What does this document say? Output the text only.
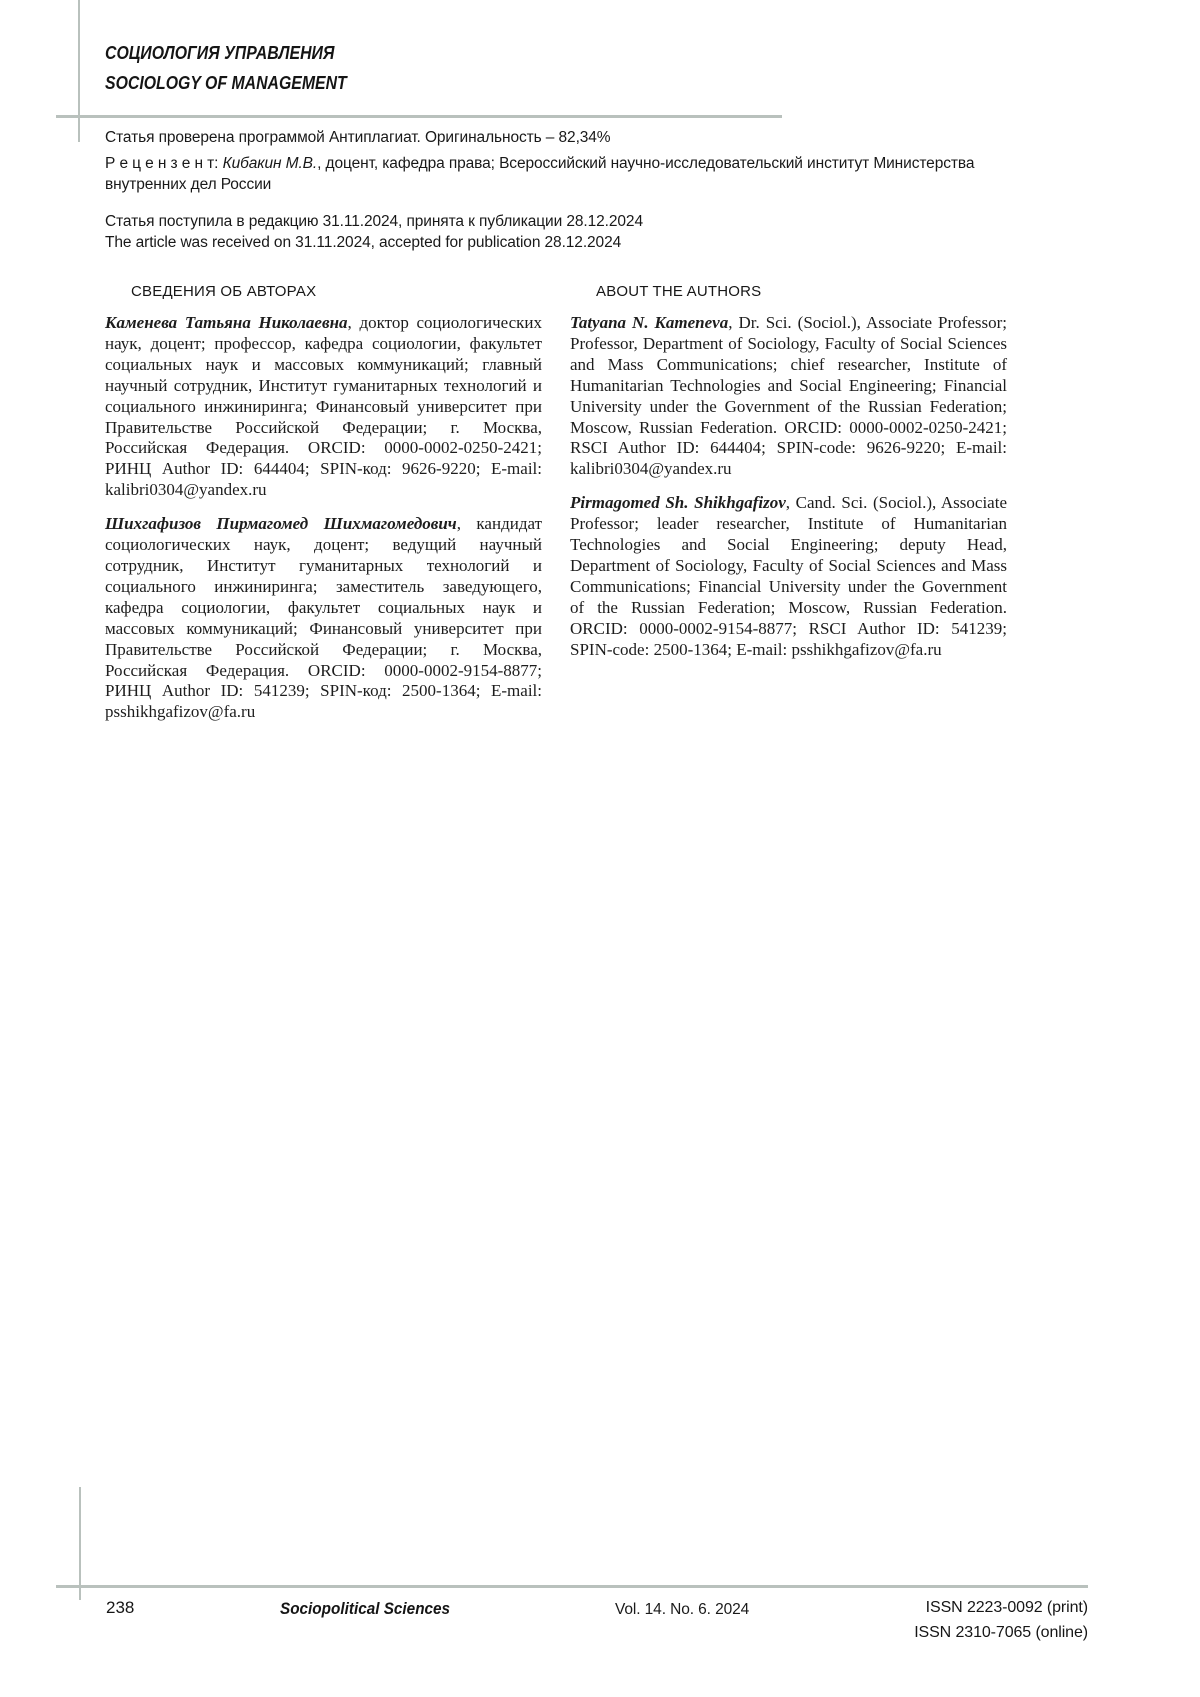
СОЦИОЛОГИЯ УПРАВЛЕНИЯ
SOCIOLOGY OF MANAGEMENT

Статья проверена программой Антиплагиат. Оригинальность – 82,34%

Р е ц е н з е н т: Кибакин М.В., доцент, кафедра права; Всероссийский научно-исследовательский институт Министерства внутренних дел России

Статья поступила в редакцию 31.11.2024, принята к публикации 28.12.2024

The article was received on 31.11.2024, accepted for publication 28.12.2024

СВЕДЕНИЯ ОБ АВТОРАХ

Каменева Татьяна Николаевна, доктор социологических наук, доцент; профессор, кафедра социологии, факультет социальных наук и массовых коммуникаций; главный научный сотрудник, Институт гуманитарных технологий и социального инжиниринга; Финансовый университет при Правительстве Российской Федерации; г. Москва, Российская Федерация. ORCID: 0000-0002-0250-2421; РИНЦ Author ID: 644404; SPIN-код: 9626-9220; E-mail: kalibri0304@yandex.ru

Шихгафизов Пирмагомед Шихмагомедович, кандидат социологических наук, доцент; ведущий научный сотрудник, Институт гуманитарных технологий и социального инжиниринга; заместитель заведующего, кафедра социологии, факультет социальных наук и массовых коммуникаций; Финансовый университет при Правительстве Российской Федерации; г. Москва, Российская Федерация. ORCID: 0000-0002-9154-8877; РИНЦ Author ID: 541239; SPIN-код: 2500-1364; E-mail: psshikhgafizov@fa.ru

ABOUT THE AUTHORS

Tatyana N. Kameneva, Dr. Sci. (Sociol.), Associate Professor; Professor, Department of Sociology, Faculty of Social Sciences and Mass Communications; chief researcher, Institute of Humanitarian Technologies and Social Engineering; Financial University under the Government of the Russian Federation; Moscow, Russian Federation. ORCID: 0000-0002-0250-2421; RSCI Author ID: 644404; SPIN-code: 9626-9220; E-mail: kalibri0304@yandex.ru

Pirmagomed Sh. Shikhgafizov, Cand. Sci. (Sociol.), Associate Professor; leader researcher, Institute of Humanitarian Technologies and Social Engineering; deputy Head, Department of Sociology, Faculty of Social Sciences and Mass Communications; Financial University under the Government of the Russian Federation; Moscow, Russian Federation. ORCID: 0000-0002-9154-8877; RSCI Author ID: 541239; SPIN-code: 2500-1364; E-mail: psshikhgafizov@fa.ru

238	Sociopolitical Sciences	Vol. 14. No. 6. 2024	ISSN 2223-0092 (print)
ISSN 2310-7065 (online)
